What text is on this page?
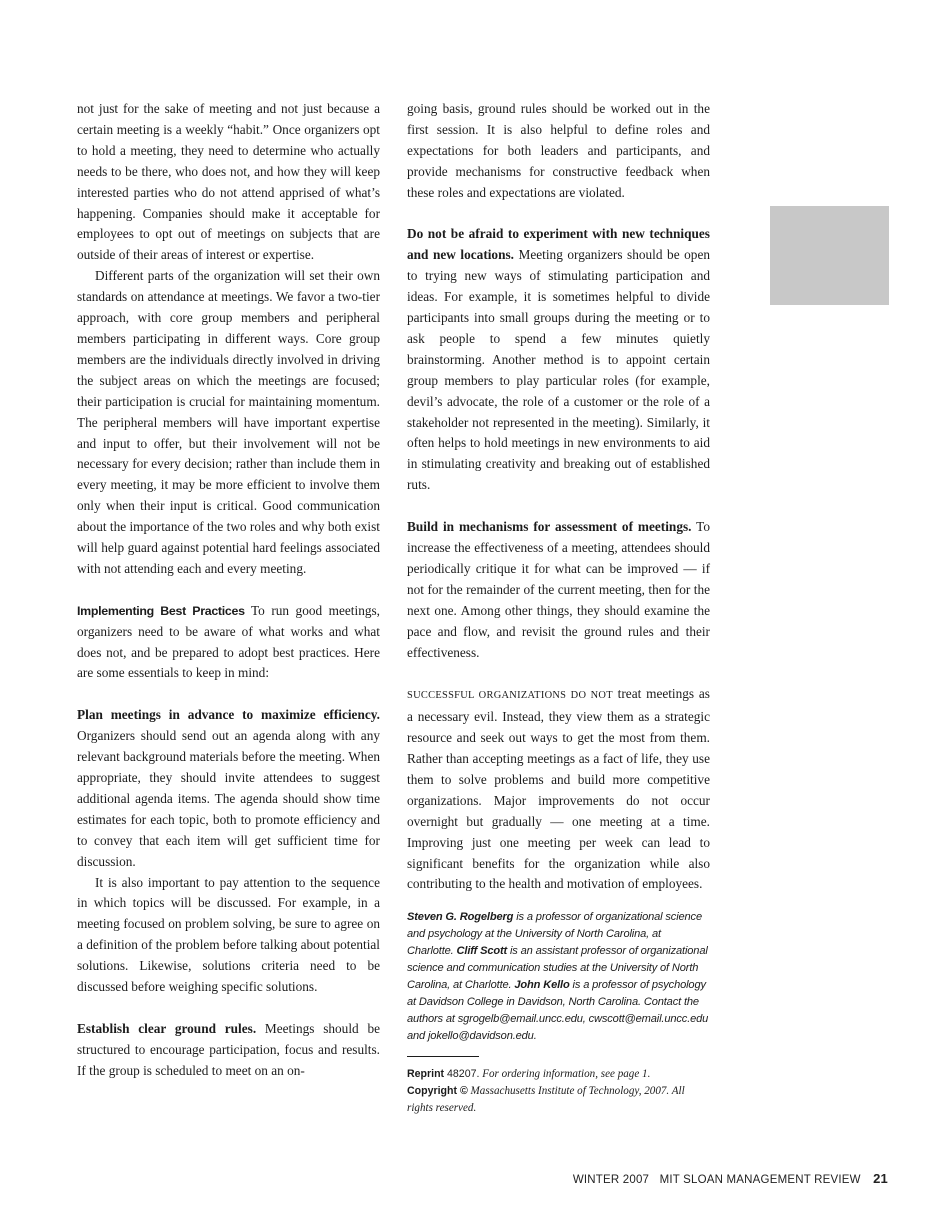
not just for the sake of meeting and not just because a certain meeting is a weekly “habit.” Once organizers opt to hold a meeting, they need to determine who actually needs to be there, who does not, and how they will keep interested parties who do not attend apprised of what’s happening. Companies should make it acceptable for employees to opt out of meetings on subjects that are outside of their areas of interest or expertise.

Different parts of the organization will set their own standards on attendance at meetings. We favor a two-tier approach, with core group members and peripheral members participating in different ways. Core group members are the individuals directly involved in driving the subject areas on which the meetings are focused; their participation is crucial for maintaining momentum. The peripheral members will have important expertise and input to offer, but their involvement will not be necessary for every decision; rather than include them in every meeting, it may be more efficient to involve them only when their input is critical. Good communication about the importance of the two roles and why both exist will help guard against potential hard feelings associated with not attending each and every meeting.

Implementing Best Practices To run good meetings, organizers need to be aware of what works and what does not, and be prepared to adopt best practices. Here are some essentials to keep in mind:

Plan meetings in advance to maximize efficiency. Organizers should send out an agenda along with any relevant background materials before the meeting. When appropriate, they should invite attendees to suggest additional agenda items. The agenda should show time estimates for each topic, both to promote efficiency and to convey that each item will get sufficient time for discussion.

It is also important to pay attention to the sequence in which topics will be discussed. For example, in a meeting focused on problem solving, be sure to agree on a definition of the problem before talking about potential solutions. Likewise, solutions criteria need to be discussed before weighing specific solutions.

Establish clear ground rules. Meetings should be structured to encourage participation, focus and results. If the group is scheduled to meet on an on-

going basis, ground rules should be worked out in the first session. It is also helpful to define roles and expectations for both leaders and participants, and provide mechanisms for constructive feedback when these roles and expectations are violated.

Do not be afraid to experiment with new techniques and new locations. Meeting organizers should be open to trying new ways of stimulating participation and ideas. For example, it is sometimes helpful to divide participants into small groups during the meeting or to ask people to spend a few minutes quietly brainstorming. Another method is to appoint certain group members to play particular roles (for example, devil’s advocate, the role of a customer or the role of a stakeholder not represented in the meeting). Similarly, it often helps to hold meetings in new environments to aid in stimulating creativity and breaking out of established ruts.

Build in mechanisms for assessment of meetings. To increase the effectiveness of a meeting, attendees should periodically critique it for what can be improved — if not for the remainder of the current meeting, then for the next one. Among other things, they should examine the pace and flow, and revisit the ground rules and their effectiveness.

SUCCESSFUL ORGANIZATIONS DO NOT treat meetings as a necessary evil. Instead, they view them as a strategic resource and seek out ways to get the most from them. Rather than accepting meetings as a fact of life, they use them to solve problems and build more competitive organizations. Major improvements do not occur overnight but gradually — one meeting at a time. Improving just one meeting per week can lead to significant benefits for the organization while also contributing to the health and motivation of employees.

Steven G. Rogelberg is a professor of organizational science and psychology at the University of North Carolina, at Charlotte. Cliff Scott is an assistant professor of organizational science and communication studies at the University of North Carolina, at Charlotte. John Kello is a professor of psychology at Davidson College in Davidson, North Carolina. Contact the authors at sgrogelb@email.uncc.edu, cwscott@email.uncc.edu and jokello@davidson.edu.

Reprint 48207. For ordering information, see page 1.

Copyright © Massachusetts Institute of Technology, 2007. All rights reserved.

WINTER 2007 MIT SLOAN MANAGEMENT REVIEW 21
